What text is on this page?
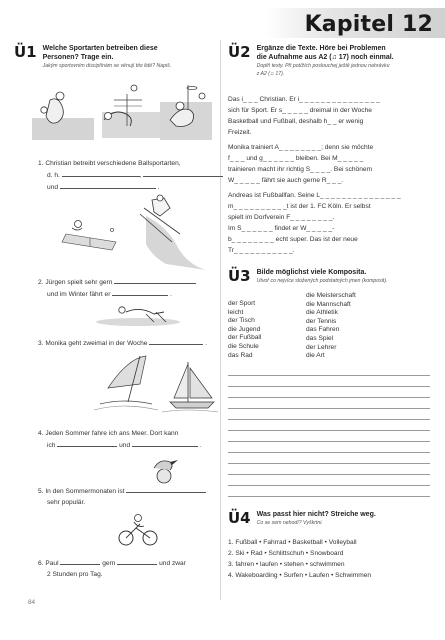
Kapitel 12
Ü1 Welche Sportarten betreiben diese
Personen? Trage ein.
Jakým sportovním disciplínám se věnují tito lidé? Napiš.
1. Christian betreibt verschiedene Ballsportarten,
d. h.	,
und	.
2. Jürgen spielt sehr gern
und im Winter fährt er	.
3. Monika geht zweimal in der Woche	.
4. Jeden Sommer fahre ich ans Meer. Dort kann
ich	und	.
5. In den Sommermonaten ist
sehr populär.
6. Paul	gern	und zwar
2 Stunden pro Tag.
84
Ü2 Ergänze die Texte. Höre bei Problemen
die Aufnahme aus A2 (♫ 17) noch einmal.
Doplň texty. Při potížích poslouchej ještě jednou nahrávku
z A2 (♫ 17).
Das i_ _ _ Christian. Er i_ _ _ _ _ _ _ _ _ _ _ _ _ _ _
sich für Sport. Er s_ _ _ _ _ dreimal in der Woche
Basketball und Fußball, deshalb h_ _ er wenig
Freizeit.
Monika trainiert A_ _ _ _ _ _ _ _; denn sie möchte
f_ _ _ und g_ _ _ _ _ _ bleiben. Bei M_ _ _ _ _
trainieren macht ihr richtig S_ _ _ _. Bei schönem
W_ _ _ _ _ fährt sie auch gerne R_ _ _.
Andreas ist Fußballfan. Seine L_ _ _ _ _ _ _ _ _ _ _ _ _ _ _
m_ _ _ _ _ _ _ _ _ _t ist der 1. FC Köln. Er selbst
spielt im Dorfverein F_ _ _ _ _ _ _ _.
Im S_ _ _ _ _ _ findet er W_ _ _ _ _-
b_ _ _ _ _ _ _ _ echt super. Das ist der neue
Tr_ _ _ _ _ _ _ _ _ _ _.
Ü3 Bilde möglichst viele Komposita.
Utvoř co nejvíce složených podstatných jmen (komposit).
der Sport
leicht
der Tisch
die Jugend
der Fußball
die Schule
das Rad
die Meisterschaft
die Mannschaft
die Athletik
der Tennis
das Fahren
das Spiel
der Lehrer
die Art
Ü4 Was passt hier nicht? Streiche weg.
Co se sem nehodí? Vyškrtni.
1. Fußball • Fahrrad • Basketball • Volleyball
2. Ski • Rad • Schlittschuh • Snowboard
3. fahren • laufen • stehen • schwimmen
4. Wakeboarding • Surfen • Laufen • Schwimmen
